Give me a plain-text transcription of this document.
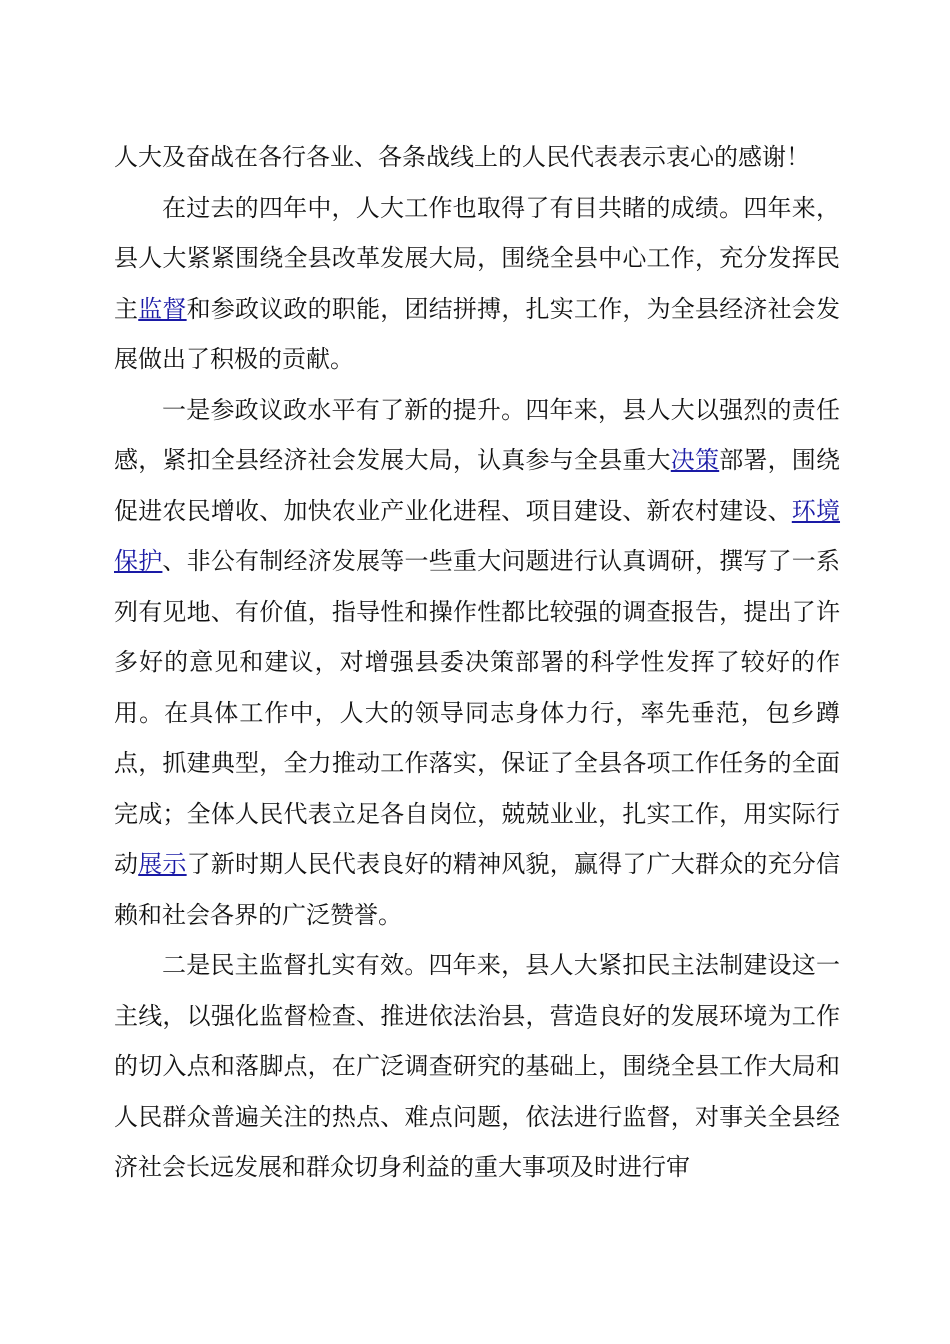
人大及奋战在各行各业、各条战线上的人民代表表示衷心的感谢！

在过去的四年中，人大工作也取得了有目共睹的成绩。四年来，县人大紧紧围绕全县改革发展大局，围绕全县中心工作，充分发挥民主监督和参政议政的职能，团结拼搏，扎实工作，为全县经济社会发展做出了积极的贡献。

一是参政议政水平有了新的提升。四年来，县人大以强烈的责任感，紧扣全县经济社会发展大局，认真参与全县重大决策部署，围绕促进农民增收、加快农业产业化进程、项目建设、新农村建设、环境保护、非公有制经济发展等一些重大问题进行认真调研，撰写了一系列有见地、有价值，指导性和操作性都比较强的调查报告，提出了许多好的意见和建议，对增强县委决策部署的科学性发挥了较好的作用。在具体工作中，人大的领导同志身体力行，率先垂范，包乡蹲点，抓建典型，全力推动工作落实，保证了全县各项工作任务的全面完成；全体人民代表立足各自岗位，兢兢业业，扎实工作，用实际行动展示了新时期人民代表良好的精神风貌，赢得了广大群众的充分信赖和社会各界的广泛赞誉。

二是民主监督扎实有效。四年来，县人大紧扣民主法制建设这一主线，以强化监督检查、推进依法治县，营造良好的发展环境为工作的切入点和落脚点，在广泛调查研究的基础上，围绕全县工作大局和人民群众普遍关注的热点、难点问题，依法进行监督，对事关全县经济社会长远发展和群众切身利益的重大事项及时进行审
